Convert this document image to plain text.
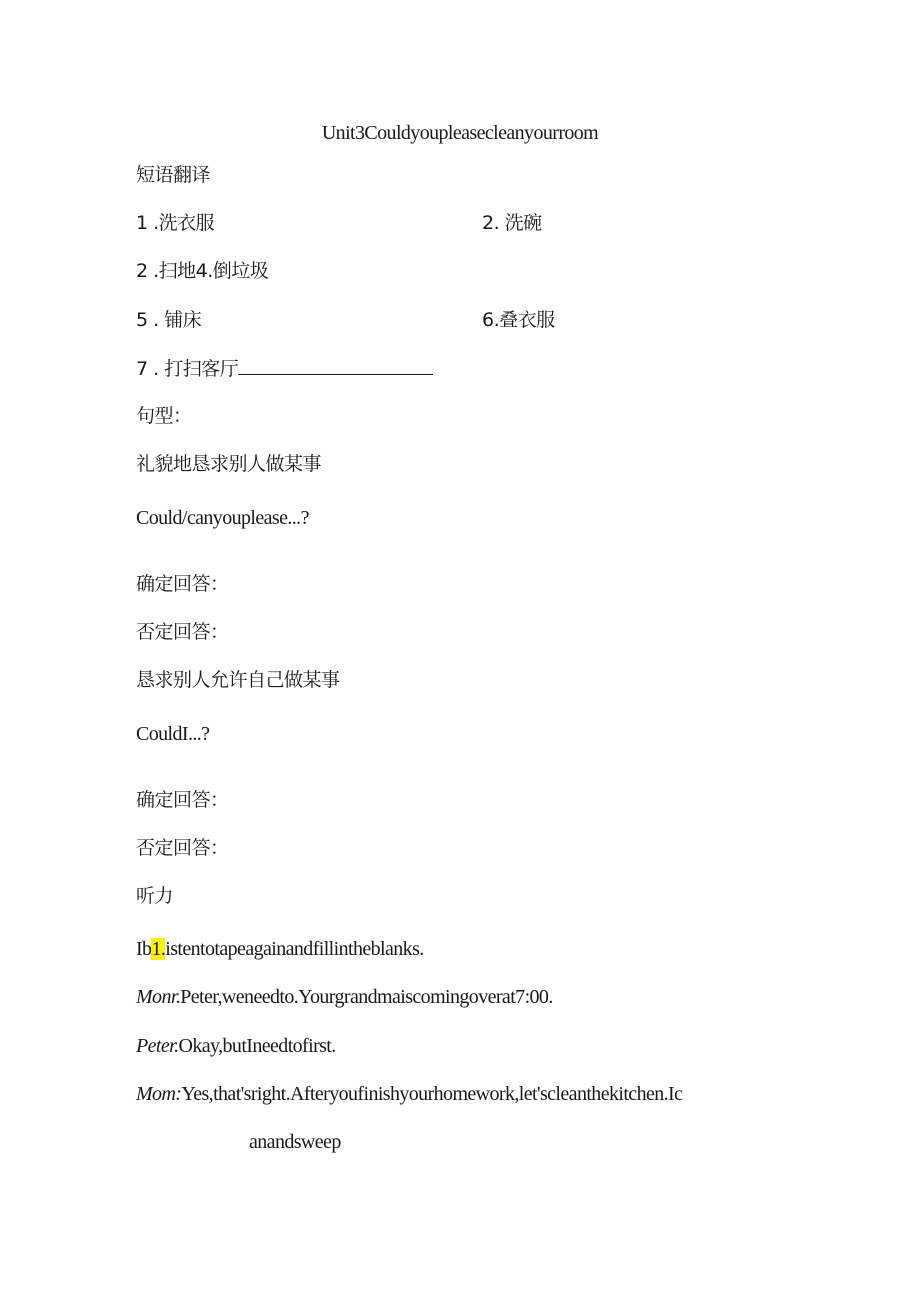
Unit3Couldyoupleasecleanyourroom
短语翻译
1 .洗衣服	2. 洗碗
2 .扫地4.倒垃圾
5 . 铺床	6.叠衣服
7 . 打扫客厅
句型：
礼貌地恳求别人做某事
Could/canyouplease...?
确定回答：
否定回答：
恳求别人允许自己做某事
CouldI...?
确定回答：
否定回答：
听力
Ib1.istentotapeagainandfillintheblanks.
Monr.Peter,weneedto.Yourgrandmaiscomingoverat7:00.
Peter.Okay,butIneedtofirst.
Mom:Yes,that'sright.Afteryoufinishyourhomework,let'scleanthekitchen.Ic
anandsweep
